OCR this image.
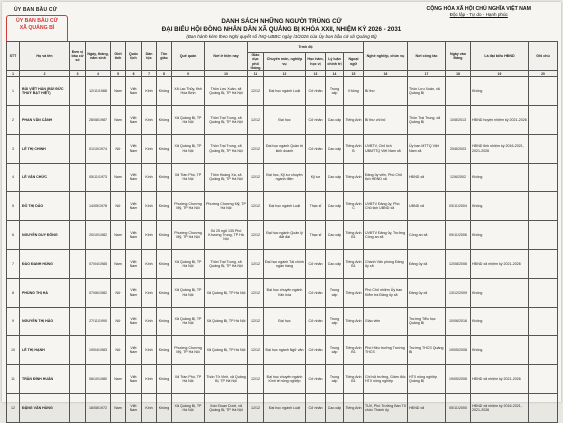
ỦY BAN BẦU CỬ
ỦY BAN BẦU CỬ
XÃ QUẢNG BÌ
CỘNG HÒA XÃ HỘI CHỦ NGHĨA VIỆT NAM
Độc lập - Tự do - Hạnh phúc
DANH SÁCH NHỮNG NGƯỜI TRÚNG CỬ
ĐẠI BIỂU HỘI ĐỒNG NHÂN DÂN XÃ QUẢNG BỊ KHÓA XXII, NHIỆM KỲ 2026 - 2031
(Ban hành kèm theo Nghị quyết số /NQ-UBBC ngày /3/2026 của Ủy ban bầu cử xã Quảng Bị)
STT	Họ và tên	Đơn vị bầu cử số	Ngày, tháng, năm sinh	Giới tính	Quốc tịch	Dân tộc	Tôn giáo	Quê quán	Nơi ở hiện nay	Trình độ					Nghề nghiệp, chức vụ	Nơi công tác	Ngày vào Đảng	Là đại biểu HĐND	Ghi chú
										Giáo dục phổ thông	Chuyên môn, nghiệp vụ	Học hàm, học vị	Lý luận chính trị	Ngoại ngữ					
1	2	3	4	5	6	7	8	9	10	11	12	13	14	15	16	17	18	19	20
1	BÙI VIỆT HÀN (BÙI ĐỨC THUỶ BẠT HIỆT)		12/11/1988	Nam	Việt Nam	Kinh	Không	Xã Lạc Thủy, tỉnh Hòa Bình	Thôn Lưu Xuân, xã Quảng Bị, TP Hà Nội	12/12	Đại học ngành Luật	Cử nhân	Trung cấp	Không	Bí thư	Thôn Lưu Xuân, xã Quảng Bị		Không	
2	PHAN VĂN CẢNH		28/08/1987	Nam	Việt Nam	Kinh	Không	Xã Quảng Bị, TP Hà Nội	Thôn Trại Trung, xã Quảng Bị, TP Hà Nội	12/12	Đại học	Cử nhân	Cao cấp	Tiếng Anh	Bí thư chi bộ	Thôn Trại Trung, xã Quảng Bị	10/8/2013	HĐND huyện nhiệm kỳ 2021-2026	
3	LÊ THỊ CHINH		01/10/1974	Nữ	Việt Nam	Kinh	Không	Xã Quảng Bị, TP Hà Nội	Thôn Trại Trung, xã Quảng Bị, TP Hà Nội	12/12	Đại học ngành Quản trị kinh doanh	Cử nhân	Cao cấp	Tiếng Anh B	UVBTV, Chủ tịch UBMTTQ Việt Nam xã	Ủy ban MTTQ Việt Nam xã	20/8/2003	HĐND tỉnh nhiệm kỳ 2016-2021, 2021-2026	
4	LÊ VĂN CHỨC		05/11/1973	Nam	Việt Nam	Kinh	Không	Xã Trần Phú, TP Hà Nội	Thôn Hoàng Xá, xã Quảng Bị, TP Hà Nội	12/12	Đại học, Kỹ sư chuyên ngành điện	Kỹ sư	Cao cấp	Tiếng Anh	Đảng ủy viên, Phó Chủ tịch HĐND xã	HĐND xã	12/6/2002	Không	
5	ĐỖ THỊ DẢO		14/05/1978	Nữ	Việt Nam	Kinh	Không	Phường Chương Mỹ, TP Hà Nội	Phường Chương Mỹ, TP Hà Nội	12/12	Đại học ngành Luật	Thạc sĩ	Cao cấp	Tiếng Anh C	UVBTV Đảng ủy, Phó Chủ tịch UBND xã	UBND xã	03/11/2004	Không	
6	NGUYỄN DUY ĐÔNG		20/10/1982	Nam	Việt Nam	Kinh	Không	Phường Chương Mỹ, TP Hà Nội	Số 25 ngõ 135 Phố Khương Trung, TP Hà Nội	12/12	Đại học ngành Quản lý đất đai	Thạc sĩ	Cao cấp	Tiếng Anh B1	UVBTV Đảng ủy, Trưởng Công an xã	Công an xã	09/11/2006	Không	
7	ĐÀO ĐANH HÙNG		07/04/1985	Nam	Việt Nam	Kinh	Không	Xã Quảng Bị, TP Hà Nội	Thôn Trại Trung, xã Quảng Bị, TP Hà Nội	12/12	Đại học ngành Tài chính ngân hàng	Cử nhân	Cao cấp	Tiếng Anh B1	Chánh Văn phòng Đảng ủy xã	Đảng ủy xã	12/08/2006	HĐND xã nhiệm kỳ 2021-2026	
8	PHÙNG THỊ HÀ		07/06/1982	Nữ	Việt Nam	Kinh	Không	Xã Quảng Bị, TP Hà Nội	Xã Quảng Bị, TP Hà Nội	12/12	Đại học chuyên ngành Văn hóa	Cử nhân	Trung cấp	Tiếng Anh	Phó Chủ nhiệm Ủy ban Kiểm tra Đảng ủy xã	Đảng ủy xã	13/12/2009	Không	
9	NGUYỄN THỊ HẢO		27/11/1990	Nữ	Việt Nam	Kinh	Không	Xã Quảng Bị, TP Hà Nội	Xã Quảng Bị, TP Hà Nội	12/12	Đại học	Cử nhân	Trung cấp	Tiếng Anh	Giáo viên	Trường Tiểu học Quảng Bị	10/06/2016	Không	
10	LÊ THỊ HẠNH		19/04/1983	Nữ	Việt Nam	Kinh	Không	Phường Chương Mỹ, TP Hà Nội	Xã Quảng Bị, TP Hà Nội	12/12	Đại học ngành Ngữ văn	Cử nhân	Trung cấp	Tiếng Anh B1	Phó Hiệu trưởng Trường THCS	Trường THCS Quảng Bị	19/05/2008	Không	
11	TRẦN ĐÌNH HUÂN		06/10/1980	Nam	Việt Nam	Kinh	Không	Xã Trần Phú, TP Hà Nội	Thôn Tử Vinh, xã Quảng Bị, TP Hà Nội	12/12	Đại học chuyên ngành Kinh tế nông nghiệp	Cử nhân	Trung cấp	Tiếng Anh B1	Chi hội trưởng, Giám đốc HTX nông nghiệp	HTX nông nghiệp Quảng Bị	19/05/2006	HĐND xã nhiệm kỳ 2021-2026	
12	ĐẶNG VĂN HÙNG		16/08/1972	Nam	Việt Nam	Kinh	Không	Xã Quảng Bị, TP Hà Nội	Xóm Đoạn Dưới, xã Quảng Bị, TP Hà Nội	12/12	Đại học ngành Luật	Cử nhân	Cao cấp	Tiếng Anh	TUV, Phó Trưởng Ban Tổ chức Thành ủy	HĐND xã	05/11/2000	HĐND xã nhiệm kỳ 2016-2021, 2021-2026	
